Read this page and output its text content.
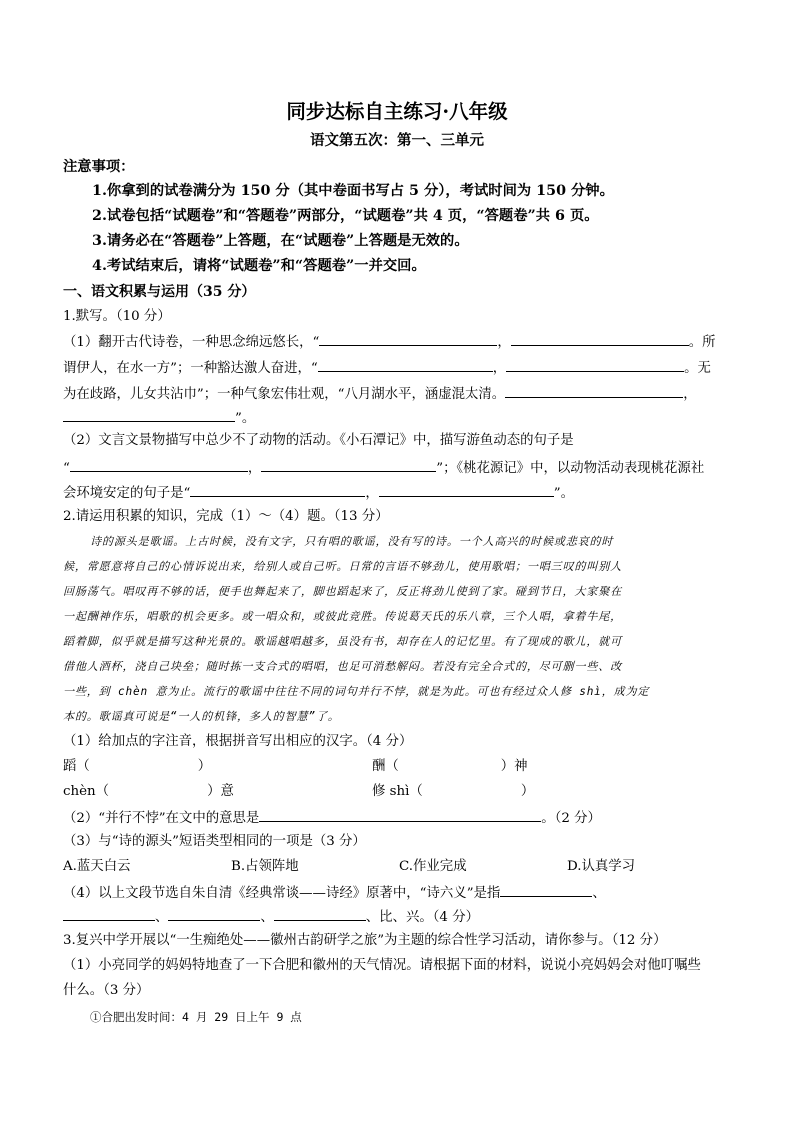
同步达标自主练习·八年级
语文第五次：第一、三单元
注意事项：
1.你拿到的试卷满分为 150 分（其中卷面书写占 5 分），考试时间为 150 分钟。
2.试卷包括“试题卷”和“答题卷”两部分，“试题卷”共 4 页，“答题卷”共 6 页。
3.请务必在“答题卷”上答题，在“试题卷”上答题是无效的。
4.考试结束后，请将“试题卷”和“答题卷”一并交回。
一、语文积累与运用（35 分）
1.默写。（10 分）
（1）翻开古代诗卷，一种思念绵远悠长，“	，	。所
谓伊人，在水一方”；一种豁达激人奋进，“	，	。无
为在歧路，儿女共沾巾”；一种气象宏伟壮观，“八月湖水平，涵虚混太清。	，
”。
（2）文言文景物描写中总少不了动物的活动。《小石潭记》中，描写游鱼动态的句子是
“	，	”；《桃花源记》中，以动物活动表现桃花源社
会环境安定的句子是“	，	”。
2.请运用积累的知识，完成（1）～（4）题。（13 分）
诗的源头是歌谣。上古时候，没有文字，只有唱的歌谣，没有写的诗。一个人高兴的时候或悲哀的时
候，常愿意将自己的心情诉说出来，给别人或自己听。日常的言语不够劲儿，使用歌唱；一唱三叹的叫别人
回肠荡气。唱叹再不够的话，便手也舞起来了，脚也蹈起来了，反正将劲儿使到了家。碰到节日，大家聚在
一起酬神作乐，唱歌的机会更多。或一唱众和，或彼此竞胜。传说葛天氏的乐八章，三个人唱，拿着牛尾，
蹈着脚，似乎就是描写这种光景的。歌谣越唱越多，虽没有书，却存在人的记忆里。有了现成的歌儿，就可
借他人酒杯，浇自己块垒；随时拣一支合式的唱唱，也足可消愁解闷。若没有完全合式的，尽可删一些、改
一些，到 chèn 意为止。流行的歌谣中往往不同的词句并行不悖，就是为此。可也有经过众人修 shì，成为定
本的。歌谣真可说是“一人的机锋，多人的智慧”了。
（1）给加点的字注音，根据拼音写出相应的汉字。（4 分）
蹈（	）	酬（	）神
chèn（	）意	修 shì（	）
（2）“并行不悖”在文中的意思是	。（2 分）
（3）与“诗的源头”短语类型相同的一项是（3 分）
A.蓝天白云	B.占领阵地	C.作业完成	D.认真学习
（4）以上文段节选自朱自清《经典常谈——诗经》原著中，“诗六义”是指	、
、	、	、比、兴。（4 分）
3.复兴中学开展以“一生痴绝处——徽州古韵研学之旅”为主题的综合性学习活动，请你参与。（12 分）
（1）小亮同学的妈妈特地查了一下合肥和徽州的天气情况。请根据下面的材料，说说小亮妈妈会对他叮嘱些
什么。（3 分）
①合肥出发时间：4 月 29 日上午 9 点
